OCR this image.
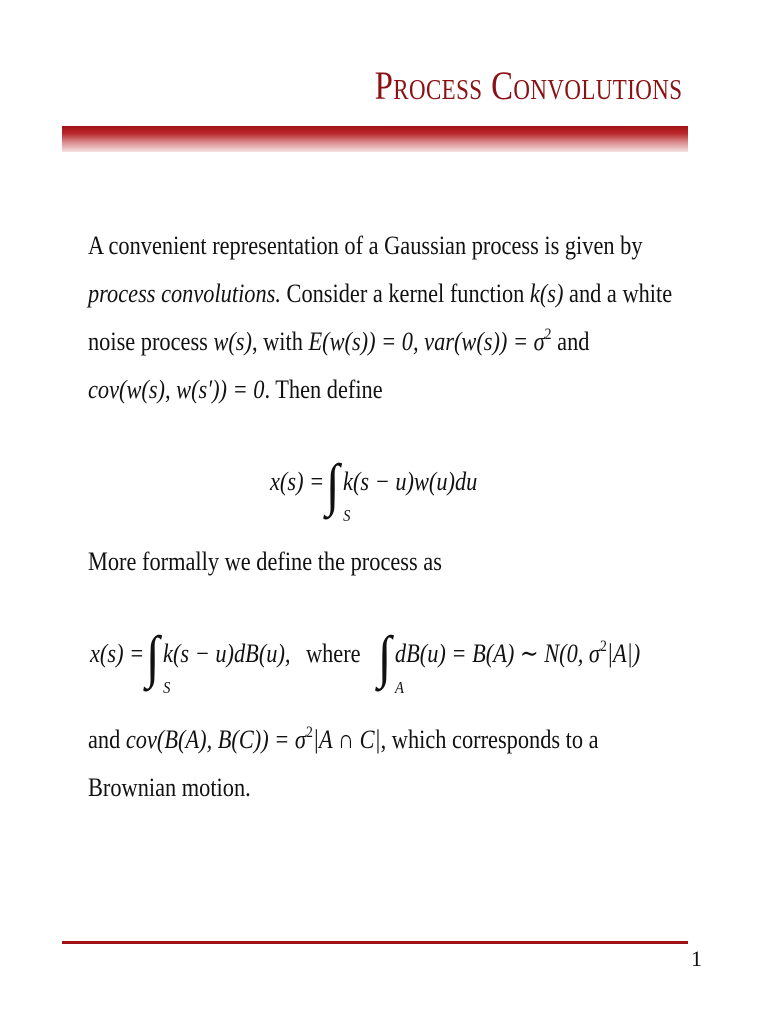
Process Convolutions
A convenient representation of a Gaussian process is given by
process convolutions. Consider a kernel function k(s) and a white
noise process w(s), with E(w(s)) = 0, $var(w(s)) = \sigma^2$ and
cov(w(s), w(s′)) = 0. Then define
x(s) =∫ S
k(s − u)w(u)du
More formally we define the process as
x(s) =∫ S
k(s − u)dB(u), where ∫ A
dB(u) = B(A) ∼ N(0, $\sigma^2|A|$)
and cov(B(A), $B(C)) = \sigma^2|A$ ∩ C|, which corresponds to a
Brownian motion.
1
